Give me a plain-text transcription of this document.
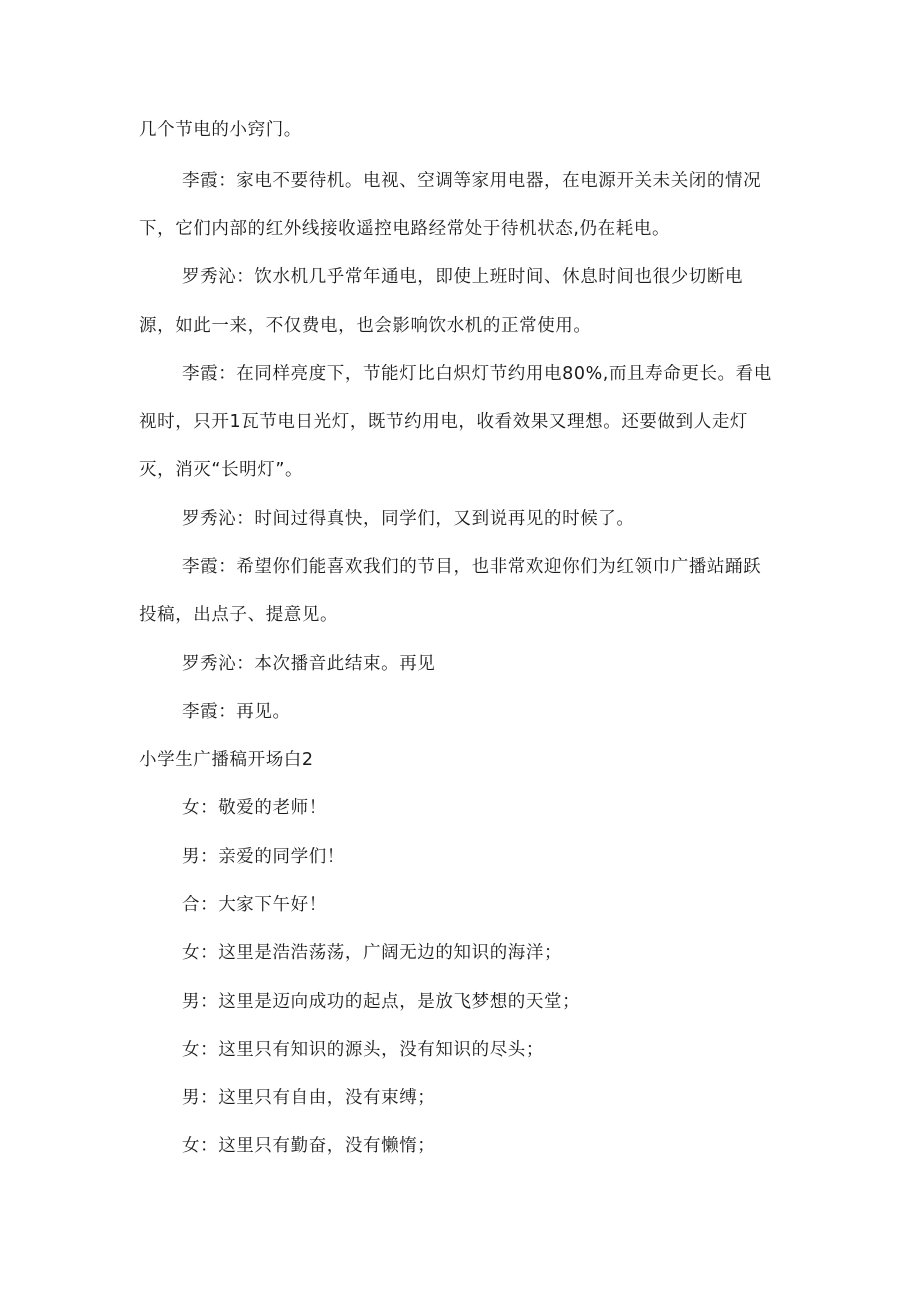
几个节电的小窍门。
李霞：家电不要待机。电视、空调等家用电器，在电源开关未关闭的情况
下，它们内部的红外线接收遥控电路经常处于待机状态,仍在耗电。
罗秀沁：饮水机几乎常年通电，即使上班时间、休息时间也很少切断电
源，如此一来，不仅费电，也会影响饮水机的正常使用。
李霞：在同样亮度下，节能灯比白炽灯节约用电80%,而且寿命更长。看电
视时，只开1瓦节电日光灯，既节约用电，收看效果又理想。还要做到人走灯
灭，消灭“长明灯”。
罗秀沁：时间过得真快，同学们，又到说再见的时候了。
李霞：希望你们能喜欢我们的节目，也非常欢迎你们为红领巾广播站踊跃
投稿，出点子、提意见。
罗秀沁：本次播音此结束。再见
李霞：再见。
小学生广播稿开场白2
女：敬爱的老师！
男：亲爱的同学们！
合：大家下午好！
女：这里是浩浩荡荡，广阔无边的知识的海洋；
男：这里是迈向成功的起点，是放飞梦想的天堂；
女：这里只有知识的源头，没有知识的尽头；
男：这里只有自由，没有束缚；
女：这里只有勤奋，没有懒惰；
